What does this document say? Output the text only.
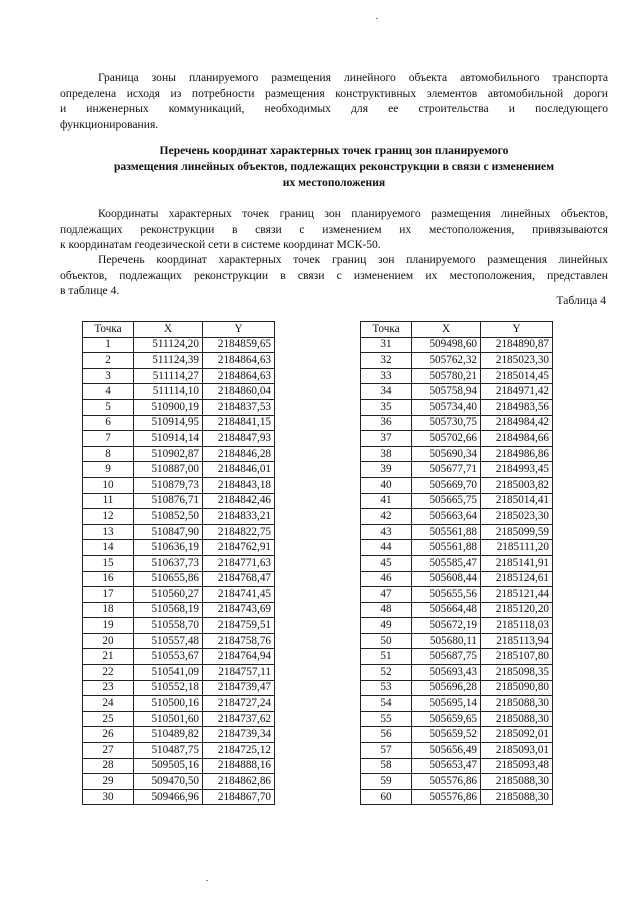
Граница зоны планируемого размещения линейного объекта автомобильного транспорта
определена исходя из потребности размещения конструктивных элементов автомобильной дороги
и инженерных коммуникаций, необходимых для ее строительства и последующего
функционирования.

Перечень координат характерных точек границ зон планируемого
размещения линейных объектов, подлежащих реконструкции в связи с изменением
их местоположения

Координаты характерных точек границ зон планируемого размещения линейных объектов,
подлежащих реконструкции в связи с изменением их местоположения, привязываются
к координатам геодезической сети в системе координат МСК-50.

Перечень координат характерных точек границ зон планируемого размещения линейных
объектов, подлежащих реконструкции в связи с изменением их местоположения, представлен
в таблице 4.

Таблица 4

Точка	X	Y
1	511124,20	2184859,65
2	511124,39	2184864,63
3	511114,27	2184864,63
4	511114,10	2184860,04
5	510900,19	2184837,53
6	510914,95	2184841,15
7	510914,14	2184847,93
8	510902,87	2184846,28
9	510887,00	2184846,01
10	510879,73	2184843,18
11	510876,71	2184842,46
12	510852,50	2184833,21
13	510847,90	2184822,75
14	510636,19	2184762,91
15	510637,73	2184771,63
16	510655,86	2184768,47
17	510560,27	2184741,45
18	510568,19	2184743,69
19	510558,70	2184759,51
20	510557,48	2184758,76
21	510553,67	2184764,94
22	510541,09	2184757,11
23	510552,18	2184739,47
24	510500,16	2184727,24
25	510501,60	2184737,62
26	510489,82	2184739,34
27	510487,75	2184725,12
28	509505,16	2184888,16
29	509470,50	2184862,86
30	509466,96	2184867,70
Точка	X	Y
31	509498,60	2184890,87
32	505762,32	2185023,30
33	505780,21	2185014,45
34	505758,94	2184971,42
35	505734,40	2184983,56
36	505730,75	2184984,42
37	505702,66	2184984,66
38	505690,34	2184986,86
39	505677,71	2184993,45
40	505669,70	2185003,82
41	505665,75	2185014,41
42	505663,64	2185023,30
43	505561,88	2185099,59
44	505561,88	2185111,20
45	505585,47	2185141,91
46	505608,44	2185124,61
47	505655,56	2185121,44
48	505664,48	2185120,20
49	505672,19	2185118,03
50	505680,11	2185113,94
51	505687,75	2185107,80
52	505693,43	2185098,35
53	505696,28	2185090,80
54	505695,14	2185088,30
55	505659,65	2185088,30
56	505659,52	2185092,01
57	505656,49	2185093,01
58	505653,47	2185093,48
59	505576,86	2185088,30
60	505576,86	2185088,30
